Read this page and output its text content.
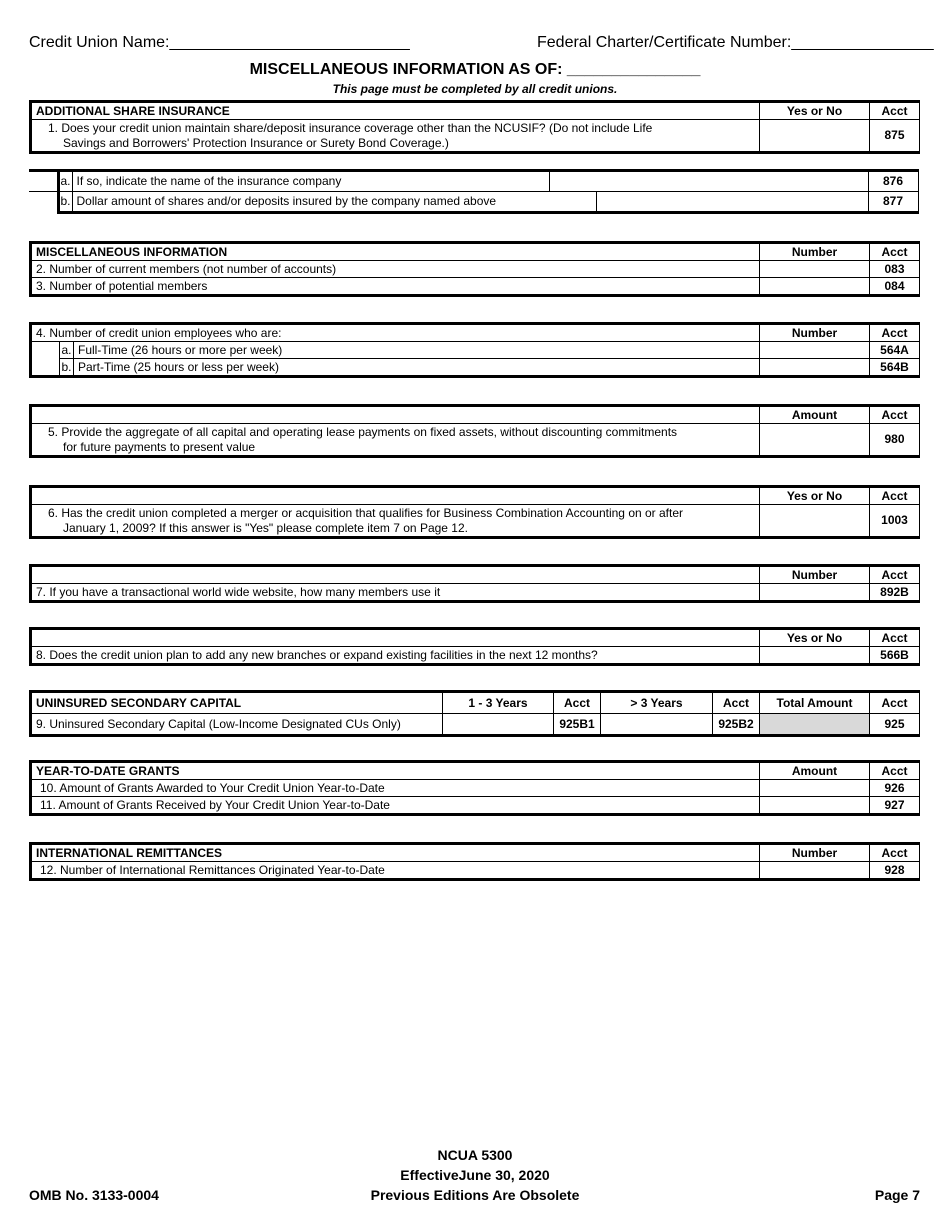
Credit Union Name:___________________________	Federal Charter/Certificate Number:________________
MISCELLANEOUS INFORMATION AS OF: _______________
This page must be completed by all credit unions.
ADDITIONAL SHARE INSURANCE	Yes or No	Acct

1. Does your credit union maintain share/deposit insurance coverage other than the NCUSIF? (Do not include Life
Savings and Borrowers' Protection Insurance or Surety Bond Coverage.)		875
	a.	If so, indicate the name of the insurance company			876
	b.	Dollar amount of shares and/or deposits insured by the company named above			877
MISCELLANEOUS INFORMATION	Number	Acct
2. Number of current members (not number of accounts)		083
3. Number of potential members		084
4. Number of credit union employees who are:			Number	Acct
	a.	Full-Time (26 hours or more per week)		564A
	b.	Part-Time (25 hours or less per week)		564B
	Amount	Acct

5. Provide the aggregate of all capital and operating lease payments on fixed assets, without discounting commitments
for future payments to present value		980
	Yes or No	Acct

6. Has the credit union completed a merger or acquisition that qualifies for Business Combination Accounting on or after
January 1, 2009? If this answer is "Yes" please complete item 7 on Page 12.		1003
	Number	Acct
7. If you have a transactional world wide website, how many members use it		892B
	Yes or No	Acct
8. Does the credit union plan to add any new branches or expand existing facilities in the next 12 months?		566B
UNINSURED SECONDARY CAPITAL	1 - 3 Years	Acct	> 3 Years	Acct	Total Amount	Acct
9. Uninsured Secondary Capital (Low-Income Designated CUs Only)		925B1		925B2		925
YEAR-TO-DATE GRANTS	Amount	Acct
10. Amount of Grants Awarded to Your Credit Union Year-to-Date		926
11. Amount of Grants Received by Your Credit Union Year-to-Date		927
INTERNATIONAL REMITTANCES	Number	Acct
12. Number of International Remittances Originated Year-to-Date		928
NCUA 5300
EffectiveJune 30, 2020
Previous Editions Are Obsolete
OMB No. 3133-0004	Page 7
